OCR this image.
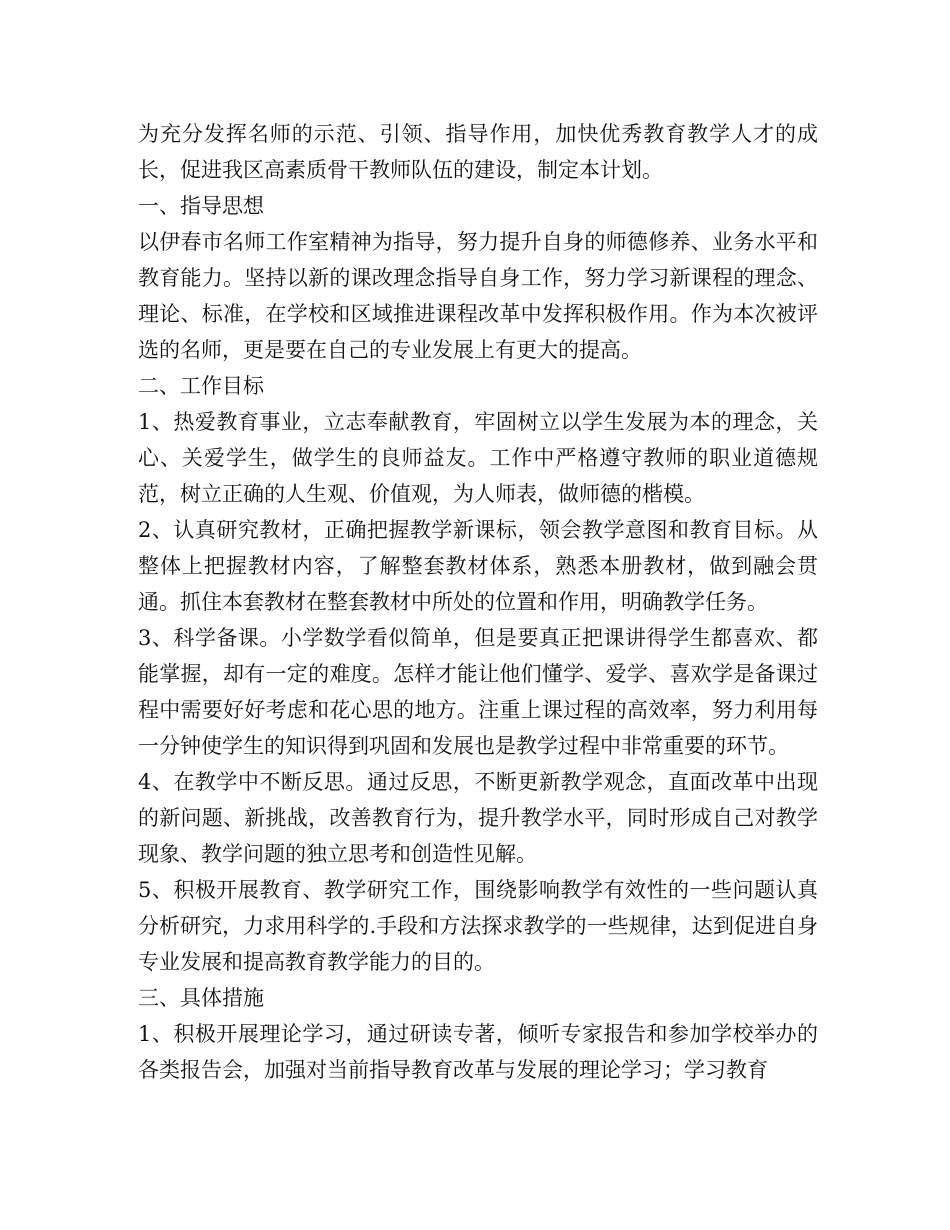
为充分发挥名师的示范、引领、指导作用，加快优秀教育教学人才的成长，促进我区高素质骨干教师队伍的建设，制定本计划。

一、指导思想

以伊春市名师工作室精神为指导，努力提升自身的师德修养、业务水平和教育能力。坚持以新的课改理念指导自身工作，努力学习新课程的理念、理论、标准，在学校和区域推进课程改革中发挥积极作用。作为本次被评选的名师，更是要在自己的专业发展上有更大的提高。

二、工作目标

1、热爱教育事业，立志奉献教育，牢固树立以学生发展为本的理念，关心、关爱学生，做学生的良师益友。工作中严格遵守教师的职业道德规范，树立正确的人生观、价值观，为人师表，做师德的楷模。

2、认真研究教材，正确把握教学新课标，领会教学意图和教育目标。从整体上把握教材内容，了解整套教材体系，熟悉本册教材，做到融会贯通。抓住本套教材在整套教材中所处的位置和作用，明确教学任务。

3、科学备课。小学数学看似简单，但是要真正把课讲得学生都喜欢、都能掌握，却有一定的难度。怎样才能让他们懂学、爱学、喜欢学是备课过程中需要好好考虑和花心思的地方。注重上课过程的高效率，努力利用每一分钟使学生的知识得到巩固和发展也是教学过程中非常重要的环节。

4、在教学中不断反思。通过反思，不断更新教学观念，直面改革中出现的新问题、新挑战，改善教育行为，提升教学水平，同时形成自己对教学现象、教学问题的独立思考和创造性见解。

5、积极开展教育、教学研究工作，围绕影响教学有效性的一些问题认真分析研究，力求用科学的.手段和方法探求教学的一些规律，达到促进自身专业发展和提高教育教学能力的目的。

三、具体措施

1、积极开展理论学习，通过研读专著，倾听专家报告和参加学校举办的各类报告会，加强对当前指导教育改革与发展的理论学习；学习教育
